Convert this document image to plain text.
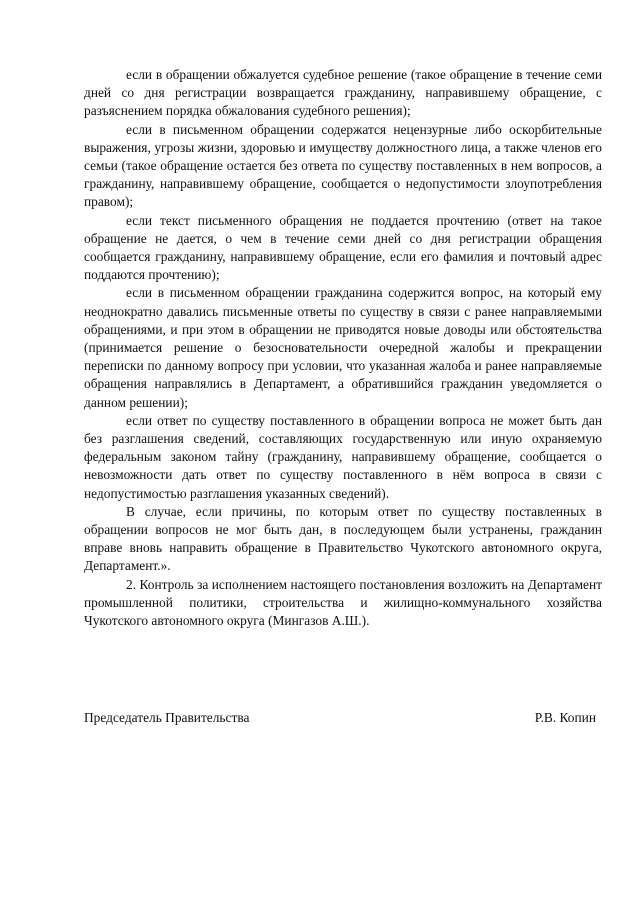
если в обращении обжалуется судебное решение (такое обращение в течение семи дней со дня регистрации возвращается гражданину, направившему обращение, с разъяснением порядка обжалования судебного решения);

если в письменном обращении содержатся нецензурные либо оскорбительные выражения, угрозы жизни, здоровью и имуществу должностного лица, а также членов его семьи (такое обращение остается без ответа по существу поставленных в нем вопросов, а гражданину, направившему обращение, сообщается о недопустимости злоупотребления правом);

если текст письменного обращения не поддается прочтению (ответ на такое обращение не дается, о чем в течение семи дней со дня регистрации обращения сообщается гражданину, направившему обращение, если его фамилия и почтовый адрес поддаются прочтению);

если в письменном обращении гражданина содержится вопрос, на который ему неоднократно давались письменные ответы по существу в связи с ранее направляемыми обращениями, и при этом в обращении не приводятся новые доводы или обстоятельства (принимается решение о безосновательности очередной жалобы и прекращении переписки по данному вопросу при условии, что указанная жалоба и ранее направляемые обращения направлялись в Департамент, а обратившийся гражданин уведомляется о данном решении);

если ответ по существу поставленного в обращении вопроса не может быть дан без разглашения сведений, составляющих государственную или иную охраняемую федеральным законом тайну (гражданину, направившему обращение, сообщается о невозможности дать ответ по существу поставленного в нём вопроса в связи с недопустимостью разглашения указанных сведений).

В случае, если причины, по которым ответ по существу поставленных в обращении вопросов не мог быть дан, в последующем были устранены, гражданин вправе вновь направить обращение в Правительство Чукотского автономного округа, Департамент.».

2. Контроль за исполнением настоящего постановления возложить на Департамент промышленной политики, строительства и жилищно-коммунального хозяйства Чукотского автономного округа (Мингазов А.Ш.).

Председатель Правительства	Р.В. Копин
